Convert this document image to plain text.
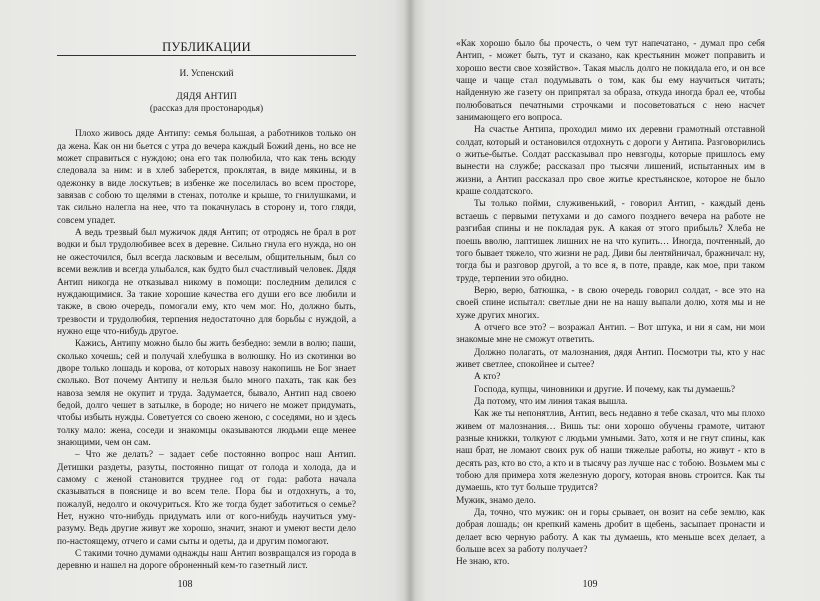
ПУБЛИКАЦИИ
И. Успенский
ДЯДЯ АНТИП
(рассказ для простонародья)

Плохо живось дяде Антипу: семья большая, а работников только он да жена. Как он ни бьется с утра до вечера каждый Божий день, но все не может справиться с нуждою; она его так полюбила, что как тень всюду следовала за ним: и в хлеб заберется, проклятая, в виде мякины, и в одежонку в виде лоскутьев; в избенке же поселилась во всем просторе, завязав с собою то щелями в стенах, потолке и крыше, то гнилушками, и так сильно налегла на нее, что та покачнулась в сторону и, того гляди, совсем упадет.

А ведь трезвый был мужичок дядя Антип; от отродясь не брал в рот водки и был трудолюбивее всех в деревне. Сильно гнула его нужда, но он не ожесточился, был всегда ласковым и веселым, общительным, был со всеми вежлив и всегда улыбался, как будто был счастливый человек. Дядя Антип никогда не отказывал никому в помощи: последним делился с нуждающимися. За такие хорошие качества его души его все любили и также, в свою очередь, помогали ему, кто чем мог. Но, должно быть, трезвости и трудолюбия, терпения недостаточно для борьбы с нуждой, а нужно еще что-нибудь другое.

Кажись, Антипу можно было бы жить безбедно: земли в волю; паши, сколько хочешь; сей и получай хлебушка в волюшку. Но из скотинки во дворе только лошадь и корова, от которых навозу накопишь не Бог знает сколько. Вот почему Антипу и нельзя было много пахать, так как без навоза земля не окупит и труда. Задумается, бывало, Антип над своею бедой, долго чешет в затылке, в бороде; но ничего не может придумать, чтобы избыть нужды. Советуется со своею женою, с соседями, но и здесь толку мало: жена, соседи и знакомцы оказываются людьми еще менее знающими, чем он сам.

– Что же делать? – задает себе постоянно вопрос наш Антип. Детишки раздеты, разуты, постоянно пищат от голода и холода, да и самому с женой становится труднее год от года: работа начала сказываться в пояснице и во всем теле. Пора бы и отдохнуть, а то, пожалуй, недолго и окочуриться. Кто же тогда будет заботиться о семье? Нет, нужно что-нибудь придумать или от кого-нибудь научиться уму-разуму. Ведь другие живут же хорошо, значит, знают и умеют вести дело по-настоящему, отчего и сами сыты и одеты, да и другим помогают.

С такими точно думами однажды наш Антип возвращался из города в деревню и нашел на дороге оброненный кем-то газетный лист.

108

«Как хорошо было бы прочесть, о чем тут напечатано, - думал про себя Антип, - может быть, тут и сказано, как крестьянин может поправить и хорошо вести свое хозяйство». Такая мысль долго не покидала его, и он все чаще и чаще стал подумывать о том, как бы ему научиться читать; найденную же газету он припрятал за образа, откуда иногда брал ее, чтобы полюбоваться печатными строчками и посоветоваться с нею насчет занимающего его вопроса.

На счастье Антипа, проходил мимо их деревни грамотный отставной солдат, который и остановился отдохнуть с дороги у Антипа. Разговорились о житье-бытье. Солдат рассказывал про невзгоды, которые пришлось ему вынести на службе; рассказал про тысячи лишений, испытанных им в жизни, а Антип рассказал про свое житье крестьянское, которое не было краше солдатского.

Ты только пойми, служивенький, - говорил Антип, - каждый день встаешь с первыми петухами и до самого позднего вечера на работе не разгибая спины и не покладая рук. А какая от этого прибыль? Хлеба не поешь вволю, лаптишек лишних не на что купить… Иногда, почтенный, до того бывает тяжело, что жизни не рад. Диви бы лентяйничал, бражничал: ну, тогда бы и разговор другой, а то все я, в поте, правде, как мое, при таком труде, терпении это обидно.

Верю, верю, батюшка, - в свою очередь говорил солдат, - все это на своей спине испытал: светлые дни не на нашу выпали долю, хотя мы и не хуже других многих.

А отчего все это? – возражал Антип. – Вот штука, и ни я сам, ни мои знакомые мне не сможут ответить.

Должно полагать, от малознания, дядя Антип. Посмотри ты, кто у нас живет светлее, спокойнее и сытее?

А кто?

Господа, купцы, чиновники и другие. И почему, как ты думаешь?

Да потому, что им линия такая вышла.

Как же ты непонятлив, Антип, весь недавно я тебе сказал, что мы плохо живем от малознания… Вишь ты: они хорошо обучены грамоте, читают разные книжки, толкуют с людьми умными. Зато, хотя и не гнут спины, как наш брат, не ломают своих рук об наши тяжелые работы, но живут - кто в десять раз, кто во сто, а кто и в тысячу раз лучше нас с тобою. Возьмем мы с тобою для примера хотя железную дорогу, которая вновь строится. Как ты думаешь, кто тут больше трудится?

Мужик, знамо дело.

Да, точно, что мужик: он и горы срывает, он возит на себе землю, как добрая лошадь; он крепкий камень дробит в щебень, засыпает пронасти и делает всю черную работу. А как ты думаешь, кто меньше всех делает, а больше всех за работу получает?

Не знаю, кто.

109
